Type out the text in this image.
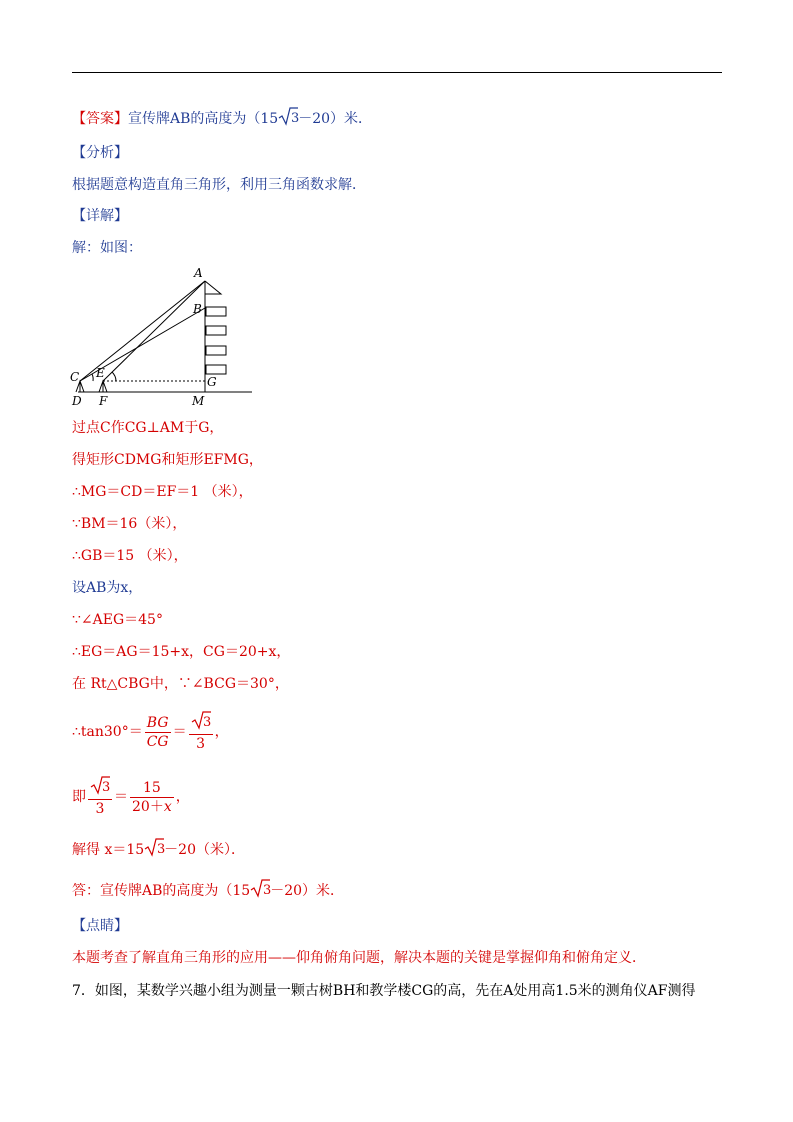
【答案】宣传牌AB的高度为（15 3
－20）米．
【分析】
根据题意构造直角三角形，利用三角函数求解．
【详解】
解：如图：
A
B
C E
G
D F	M
过点C作CG⊥AM于G，
得矩形CDMG和矩形EFMG，
∴MG＝CD＝EF＝1 （米），
∵BM＝16（米），
∴GB＝15 （米），
设AB为x，
∵∠AEG＝45°
∴EG＝AG＝15+x，CG＝20+x，
在 Rt△CBG中，∵∠BCG＝30°，
∴tan30°＝ $\frac{BG}{CG} = \frac{3}{3}$ ，
即 $\frac{3}{3} = \frac{15}{20+x}$ ，
解得 x＝15 3
－20（米）．
答：宣传牌AB的高度为（15 3
－20）米．
【点睛】
本题考查了解直角三角形的应用——仰角俯角问题，解决本题的关键是掌握仰角和俯角定义．
7．如图，某数学兴趣小组为测量一颗古树BH和教学楼CG的高，先在A处用高1.5米的测角仪AF测得
